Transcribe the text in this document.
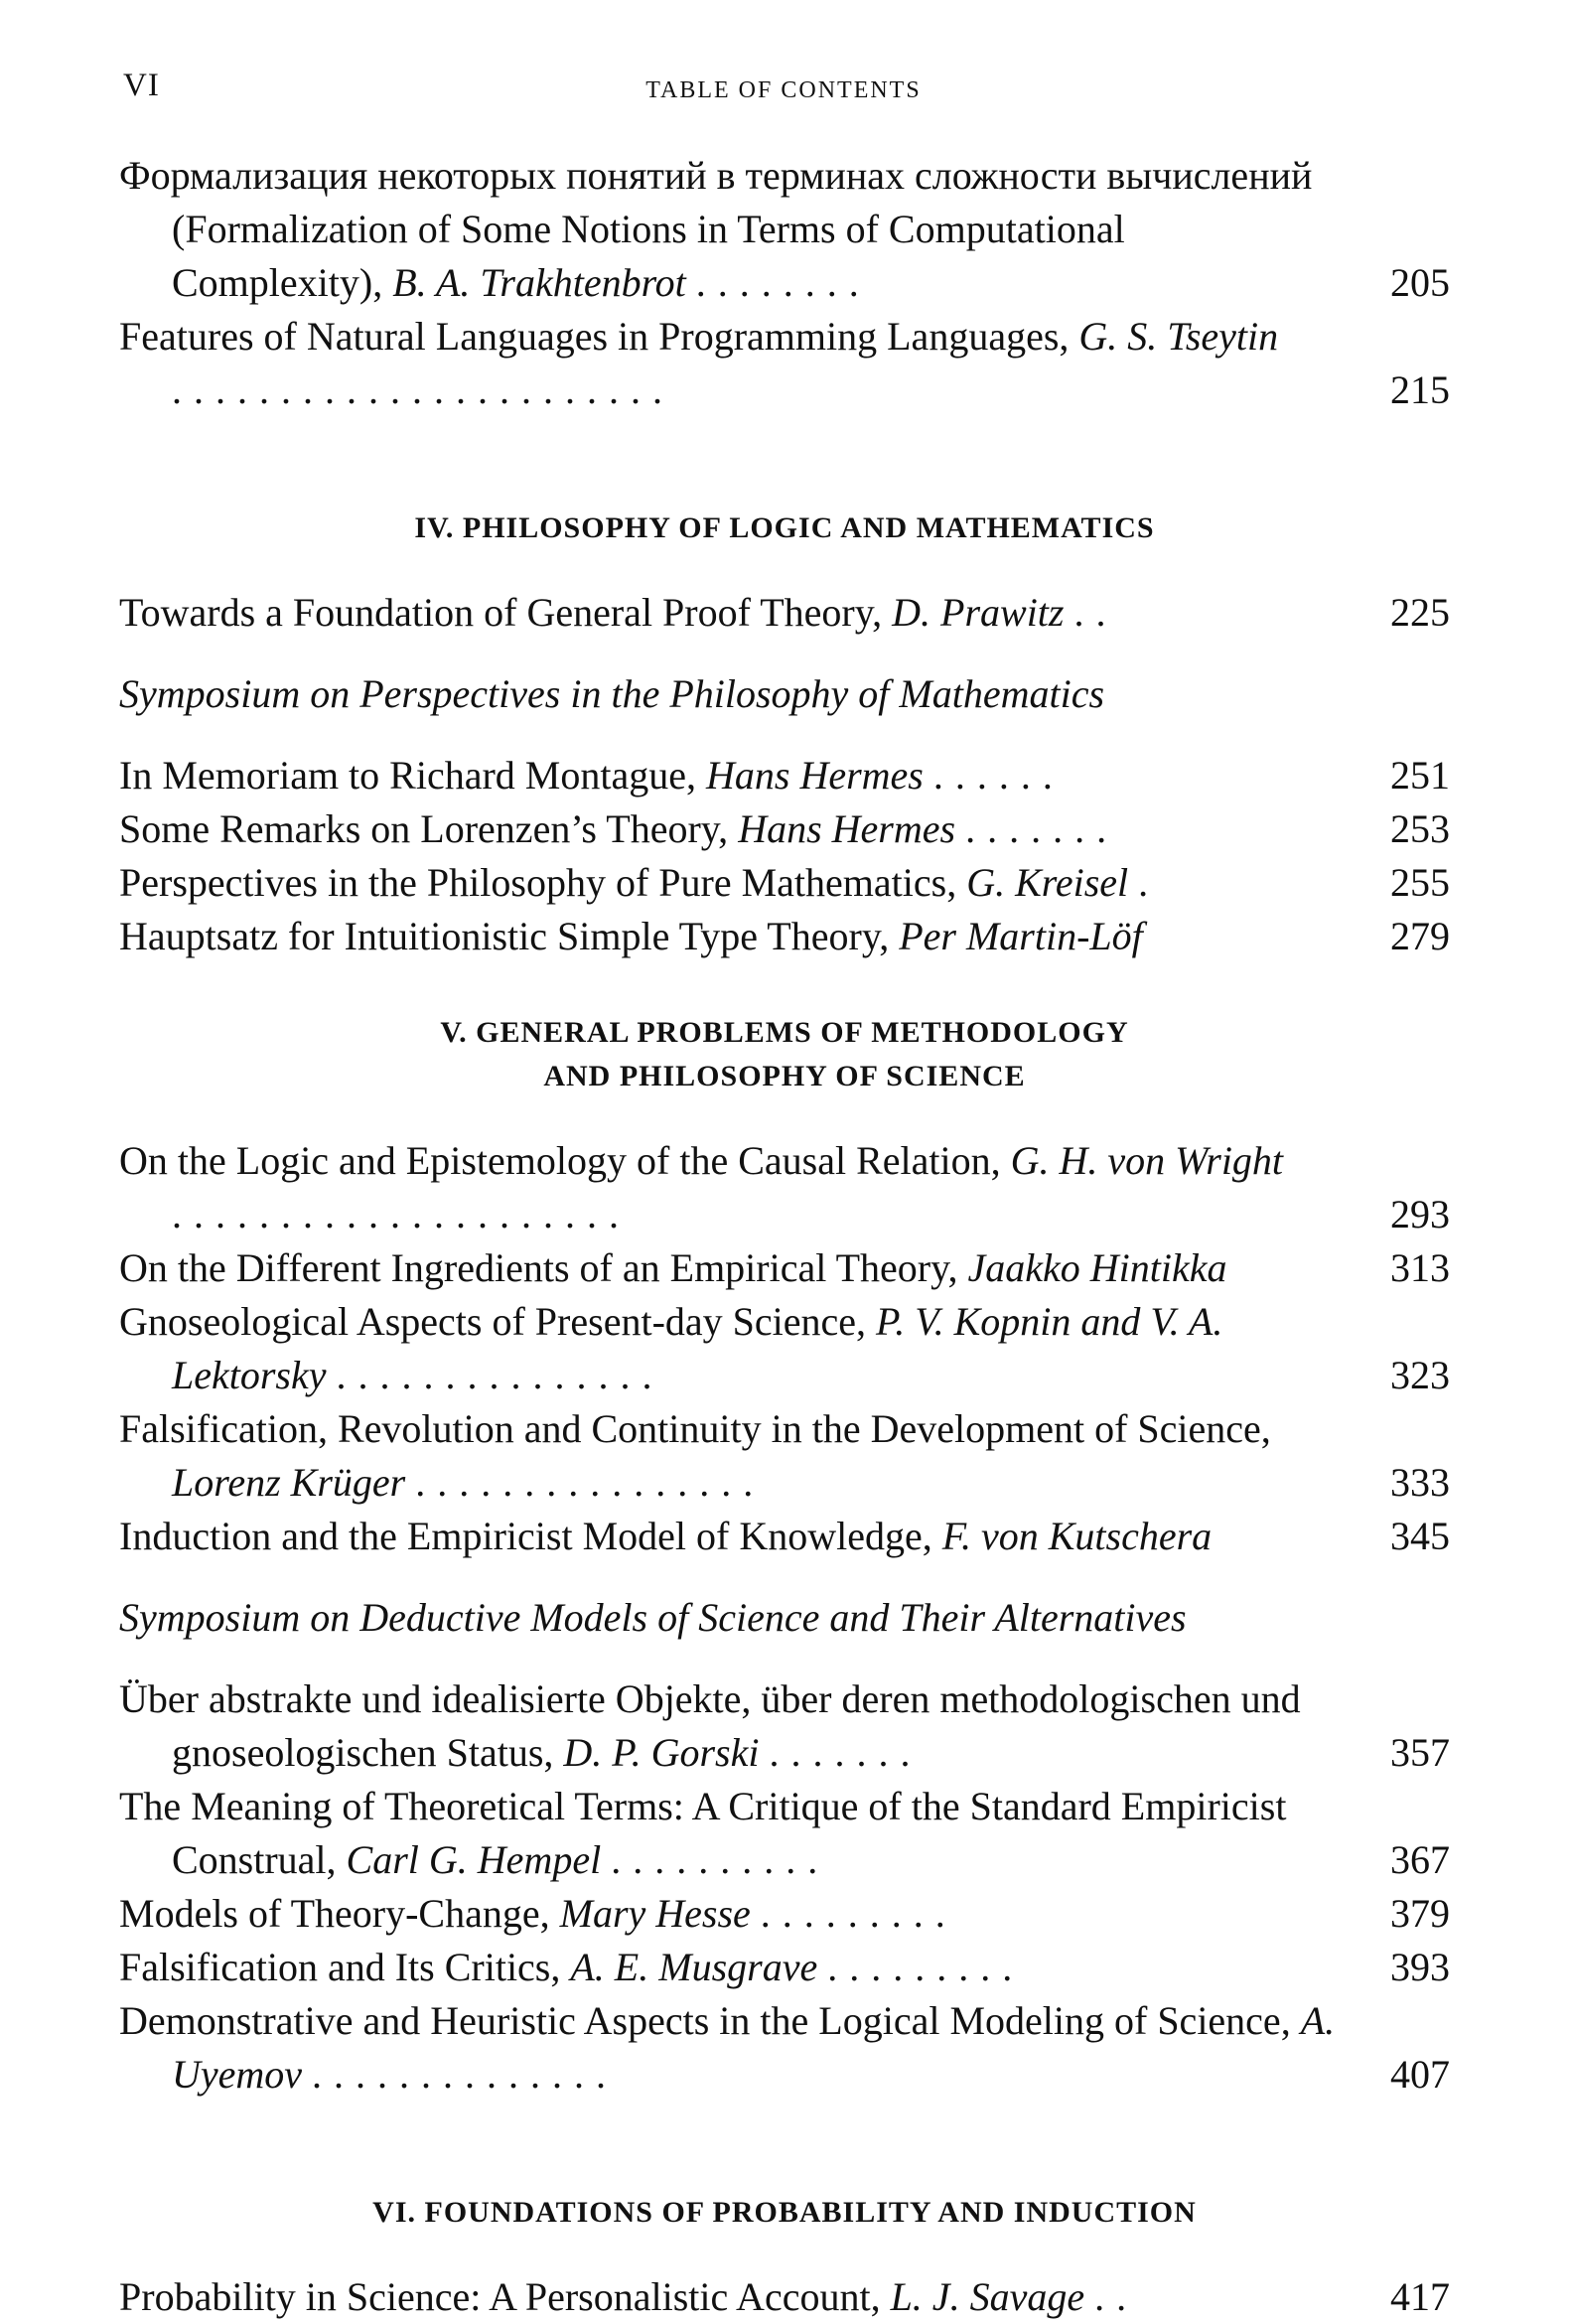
VI	TABLE OF CONTENTS
Формализация некоторых понятий в терминах сложности вычислений (Formalization of Some Notions in Terms of Computational Complexity), B. A. Trakhtenbrot ........	205
Features of Natural Languages in Programming Languages, G. S. Tseytin .......................	215
IV. PHILOSOPHY OF LOGIC AND MATHEMATICS
Towards a Foundation of General Proof Theory, D. Prawitz ..	225
Symposium on Perspectives in the Philosophy of Mathematics
In Memoriam to Richard Montague, Hans Hermes ......	251
Some Remarks on Lorenzen’s Theory, Hans Hermes .......	253
Perspectives in the Philosophy of Pure Mathematics, G. Kreisel .	255
Hauptsatz for Intuitionistic Simple Type Theory, Per Martin-Löf	279
V. GENERAL PROBLEMS OF METHODOLOGY
AND PHILOSOPHY OF SCIENCE
On the Logic and Epistemology of the Causal Relation, G. H. von Wright .....................	293
On the Different Ingredients of an Empirical Theory, Jaakko Hintikka	313
Gnoseological Aspects of Present-day Science, P. V. Kopnin and V. A. Lektorsky ...............	323
Falsification, Revolution and Continuity in the Development of Science, Lorenz Krüger ................	333
Induction and the Empiricist Model of Knowledge, F. von Kutschera	345
Symposium on Deductive Models of Science and Their Alternatives
Über abstrakte und idealisierte Objekte, über deren methodologischen und gnoseologischen Status, D. P. Gorski .......	357
The Meaning of Theoretical Terms: A Critique of the Standard Empiricist Construal, Carl G. Hempel ..........	367
Models of Theory-Change, Mary Hesse .........	379
Falsification and Its Critics, A. E. Musgrave .........	393
Demonstrative and Heuristic Aspects in the Logical Modeling of Science, A. Uyemov ..............	407
VI. FOUNDATIONS OF PROBABILITY AND INDUCTION
Probability in Science: A Personalistic Account, L. J. Savage ..	417
